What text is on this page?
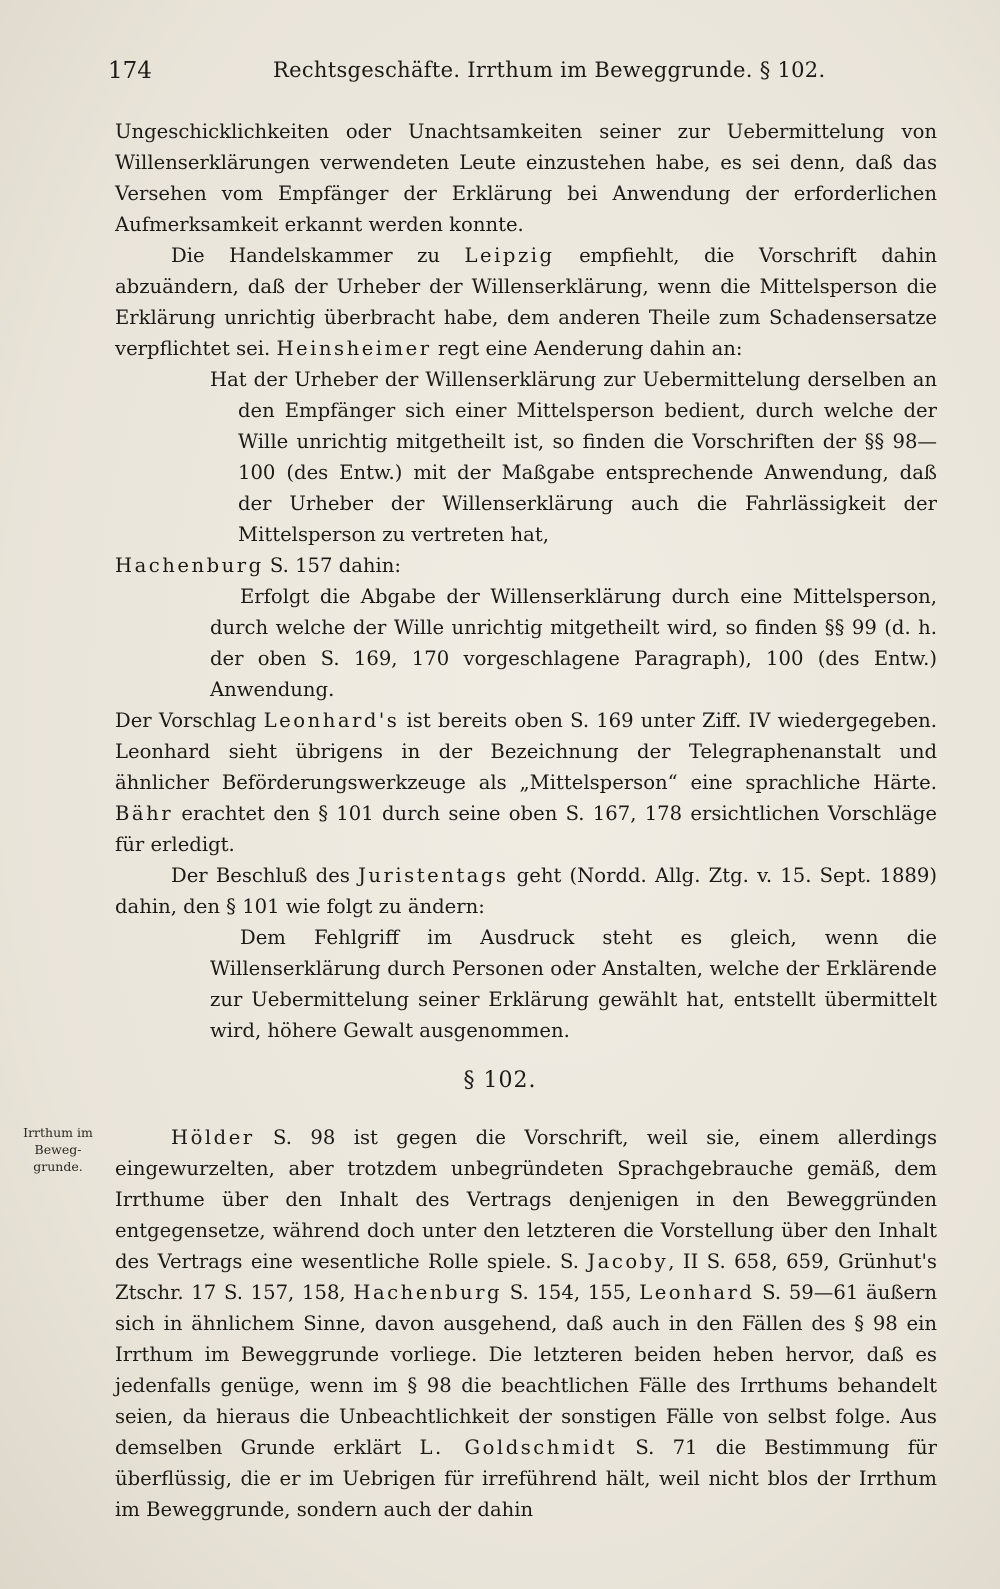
174	Rechtsgeschäfte. Irrthum im Beweggrunde. § 102.
Irrthum im Beweg-grunde.

Ungeschicklichkeiten oder Unachtsamkeiten seiner zur Uebermittelung von Willenserklärungen verwendeten Leute einzustehen habe, es sei denn, daß das Versehen vom Empfänger der Erklärung bei Anwendung der erforderlichen Aufmerksamkeit erkannt werden konnte.

Die Handelskammer zu Leipzig empfiehlt, die Vorschrift dahin abzuändern, daß der Urheber der Willenserklärung, wenn die Mittelsperson die Erklärung unrichtig überbracht habe, dem anderen Theile zum Schadensersatze verpflichtet sei. Heinsheimer regt eine Aenderung dahin an:

Hat der Urheber der Willenserklärung zur Uebermittelung derselben an den Empfänger sich einer Mittelsperson bedient, durch welche der Wille unrichtig mitgetheilt ist, so finden die Vorschriften der §§ 98—100 (des Entw.) mit der Maßgabe entsprechende Anwendung, daß der Urheber der Willenserklärung auch die Fahrlässigkeit der Mittelsperson zu vertreten hat,

Hachenburg S. 157 dahin:

Erfolgt die Abgabe der Willenserklärung durch eine Mittelsperson, durch welche der Wille unrichtig mitgetheilt wird, so finden §§ 99 (d. h. der oben S. 169, 170 vorgeschlagene Paragraph), 100 (des Entw.) Anwendung.

Der Vorschlag Leonhard's ist bereits oben S. 169 unter Ziff. IV wiedergegeben. Leonhard sieht übrigens in der Bezeichnung der Telegraphenanstalt und ähnlicher Beförderungswerkzeuge als „Mittelsperson“ eine sprachliche Härte. Bähr erachtet den § 101 durch seine oben S. 167, 178 ersichtlichen Vorschläge für erledigt.

Der Beschluß des Juristentags geht (Nordd. Allg. Ztg. v. 15. Sept. 1889) dahin, den § 101 wie folgt zu ändern:

Dem Fehlgriff im Ausdruck steht es gleich, wenn die Willenserklärung durch Personen oder Anstalten, welche der Erklärende zur Uebermittelung seiner Erklärung gewählt hat, entstellt übermittelt wird, höhere Gewalt ausgenommen.

§ 102.

Hölder S. 98 ist gegen die Vorschrift, weil sie, einem allerdings eingewurzelten, aber trotzdem unbegründeten Sprachgebrauche gemäß, dem Irrthume über den Inhalt des Vertrags denjenigen in den Beweggründen entgegensetze, während doch unter den letzteren die Vorstellung über den Inhalt des Vertrags eine wesentliche Rolle spiele. S. Jacoby, II S. 658, 659, Grünhut's Ztschr. 17 S. 157, 158, Hachenburg S. 154, 155, Leonhard S. 59—61 äußern sich in ähnlichem Sinne, davon ausgehend, daß auch in den Fällen des § 98 ein Irrthum im Beweggrunde vorliege. Die letzteren beiden heben hervor, daß es jedenfalls genüge, wenn im § 98 die beachtlichen Fälle des Irrthums behandelt seien, da hieraus die Unbeachtlichkeit der sonstigen Fälle von selbst folge. Aus demselben Grunde erklärt L. Goldschmidt S. 71 die Bestimmung für überflüssig, die er im Uebrigen für irreführend hält, weil nicht blos der Irrthum im Beweggrunde, sondern auch der dahin
